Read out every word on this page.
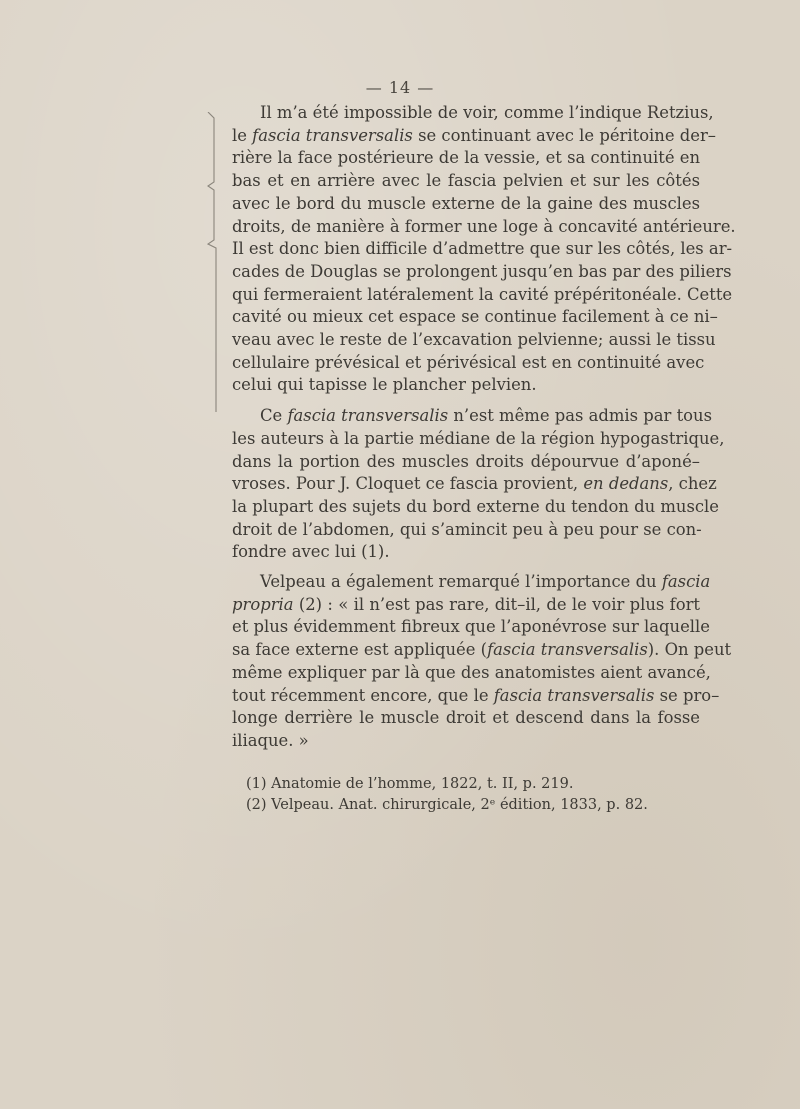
— 14 —

Il m’a été impossible de voir, comme l’indique Retzius,
le fascia transversalis se continuant avec le péritoine der–
rière la face postérieure de la vessie, et sa continuité en
bas et en arrière avec le fascia pelvien et sur les côtés
avec le bord du muscle externe de la gaine des muscles
droits, de manière à former une loge à concavité antérieure.
Il est donc bien difficile d’admettre que sur les côtés, les ar-
cades de Douglas se prolongent jusqu’en bas par des piliers
qui fermeraient latéralement la cavité prépéritonéale. Cette
cavité ou mieux cet espace se continue facilement à ce ni–
veau avec le reste de l’excavation pelvienne; aussi le tissu
cellulaire prévésical et périvésical est en continuité avec
celui qui tapisse le plancher pelvien.

Ce fascia transversalis n’est même pas admis par tous
les auteurs à la partie médiane de la région hypogastrique,
dans la portion des muscles droits dépourvue d’aponé–
vroses. Pour J. Cloquet ce fascia provient, en dedans, chez
la plupart des sujets du bord externe du tendon du muscle
droit de l’abdomen, qui s’amincit peu à peu pour se con-
fondre avec lui (1).

Velpeau a également remarqué l’importance du fascia
propria (2) : « il n’est pas rare, dit–il, de le voir plus fort
et plus évidemment fibreux que l’aponévrose sur laquelle
sa face externe est appliquée (fascia transversalis). On peut
même expliquer par là que des anatomistes aient avancé,
tout récemment encore, que le fascia transversalis se pro–
longe derrière le muscle droit et descend dans la fosse
iliaque. »

(1) Anatomie de l’homme, 1822, t. II, p. 219.
(2) Velpeau. Anat. chirurgicale, 2ᵉ édition, 1833, p. 82.
